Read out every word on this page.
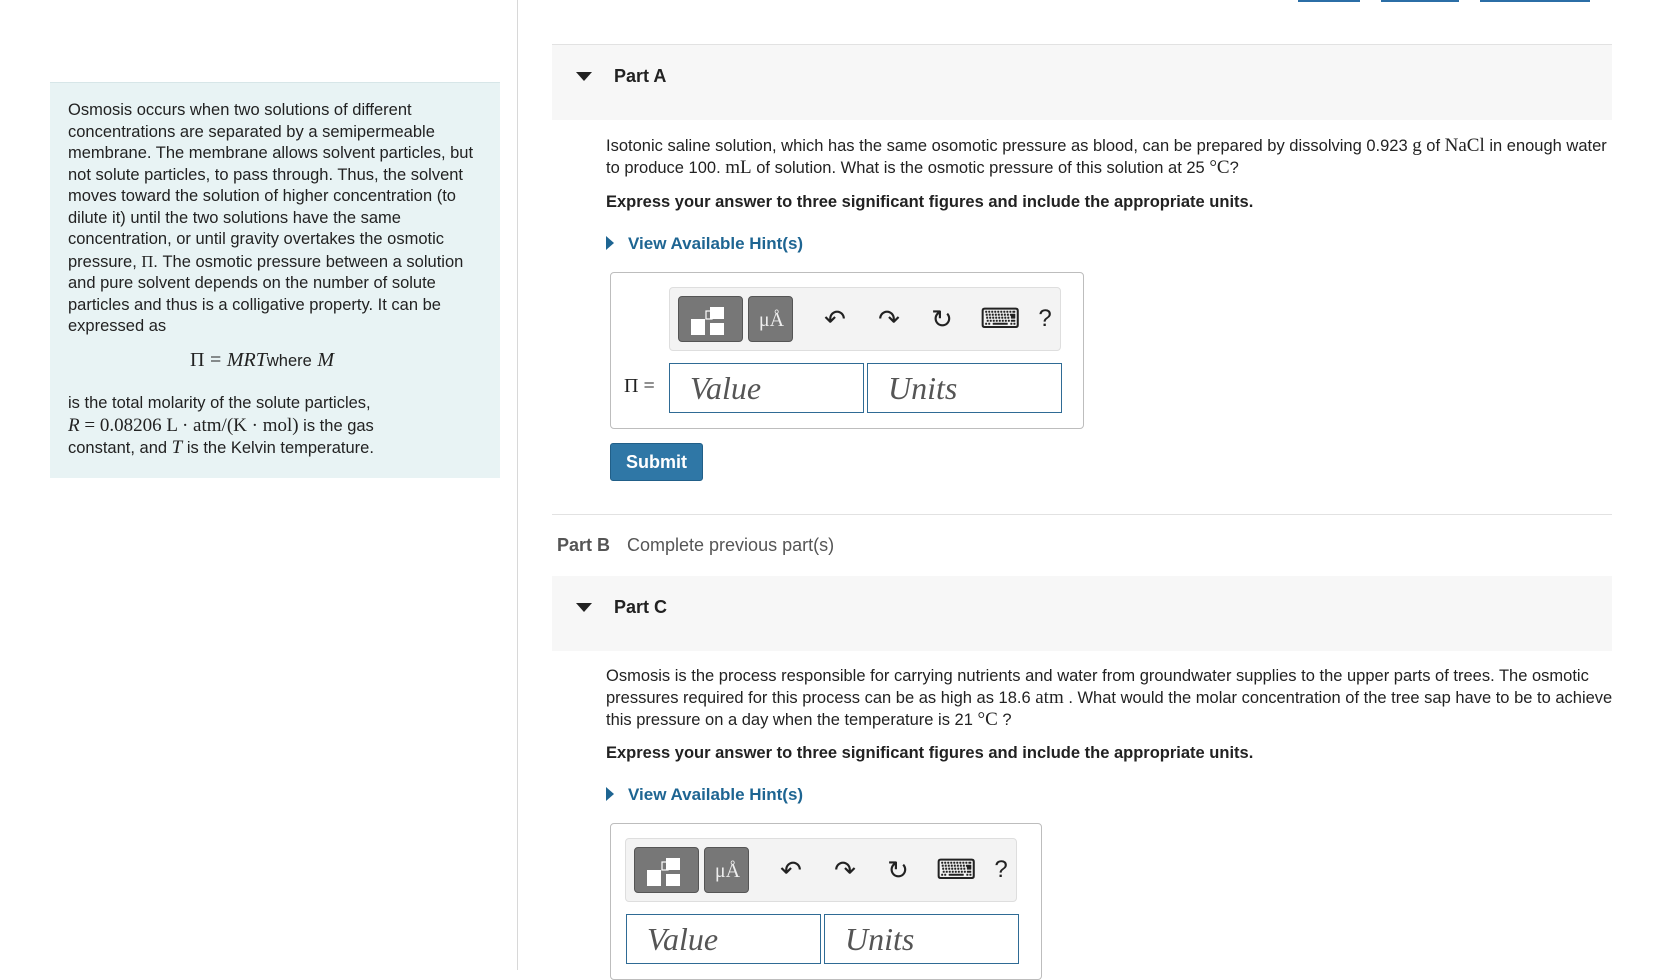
Osmosis occurs when two solutions of different concentrations are separated by a semipermeable membrane. The membrane allows solvent particles, but not solute particles, to pass through. Thus, the solvent moves toward the solution of higher concentration (to dilute it) until the two solutions have the same concentration, or until gravity overtakes the osmotic pressure, Π. The osmotic pressure between a solution and pure solvent depends on the number of solute particles and thus is a colligative property. It can be expressed as
Π = MRTwhere M
is the total molarity of the solute particles,
R = 0.08206 L · atm/(K · mol) is the gas
constant, and T is the Kelvin temperature.
Part A
Isotonic saline solution, which has the same osomotic pressure as blood, can be prepared by dissolving 0.923 g of NaCl in enough water to produce 100. mL of solution. What is the osmotic pressure of this solution at 25 °C?
Express your answer to three significant figures and include the appropriate units.
View Available Hint(s)
μÅ	↶ ↷ ↻ ⌨ ?
Π =
Value
Units
Submit
Part B Complete previous part(s)
Part C
Osmosis is the process responsible for carrying nutrients and water from groundwater supplies to the upper parts of trees. The osmotic pressures required for this process can be as high as 18.6 atm . What would the molar concentration of the tree sap have to be to achieve this pressure on a day when the temperature is 21 °C ?
Express your answer to three significant figures and include the appropriate units.
View Available Hint(s)
μÅ	↶ ↷ ↻ ⌨ ?
Value
Units
